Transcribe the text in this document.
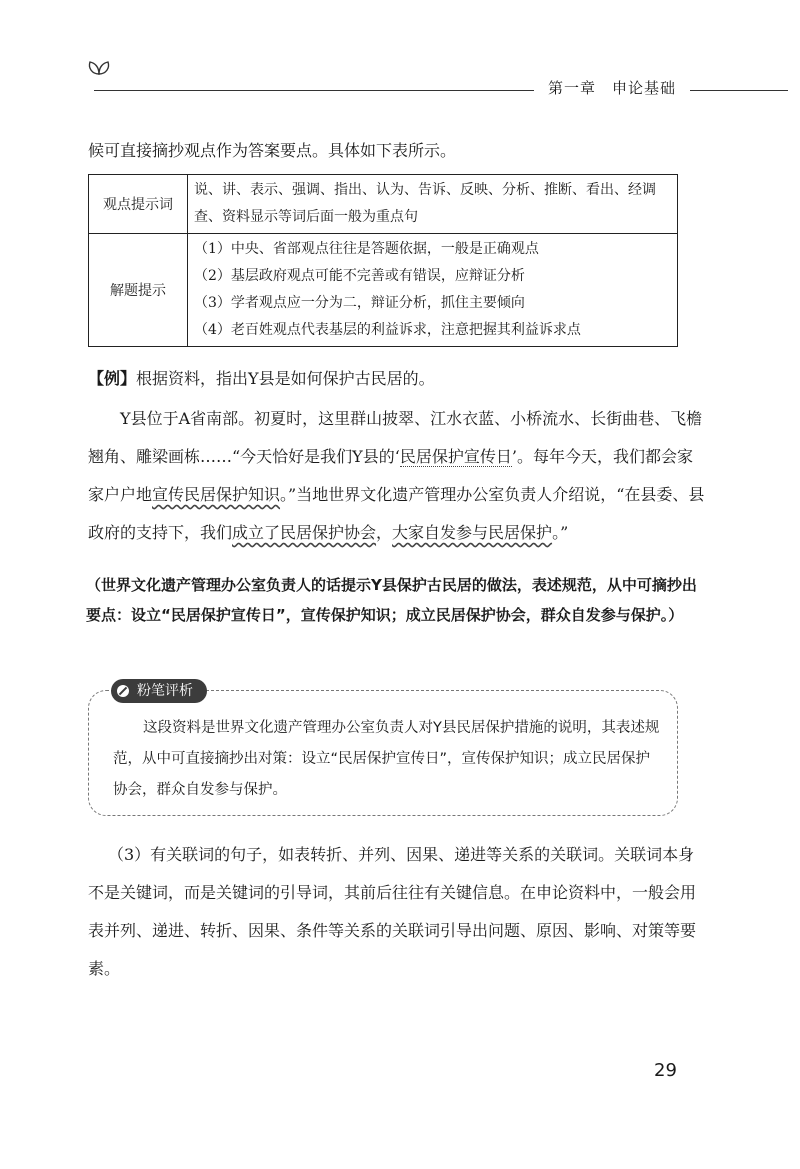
第一章 申论基础
候可直接摘抄观点作为答案要点。具体如下表所示。
观点提示词	说、讲、表示、强调、指出、认为、告诉、反映、分析、推断、看出、经调查、资料显示等词后面一般为重点句
解题提示	（1）中央、省部观点往往是答题依据，一般是正确观点
（2）基层政府观点可能不完善或有错误，应辩证分析
（3）学者观点应一分为二，辩证分析，抓住主要倾向
（4）老百姓观点代表基层的利益诉求，注意把握其利益诉求点
【例】根据资料，指出Y县是如何保护古民居的。
Y县位于A省南部。初夏时，这里群山披翠、江水衣蓝、小桥流水、长街曲巷、飞檐翘角、雕梁画栋……“今天恰好是我们Y县的‘民居保护宣传日’。每年今天，我们都会家家户户地宣传民居保护知识。”当地世界文化遗产管理办公室负责人介绍说，“在县委、县政府的支持下，我们成立了民居保护协会，大家自发参与民居保护。”
（世界文化遗产管理办公室负责人的话提示Y县保护古民居的做法，表述规范，从中可摘抄出要点：设立“民居保护宣传日”，宣传保护知识；成立民居保护协会，群众自发参与保护。）
粉笔评析
这段资料是世界文化遗产管理办公室负责人对Y县民居保护措施的说明，其表述规范，从中可直接摘抄出对策：设立“民居保护宣传日”，宣传保护知识；成立民居保护协会，群众自发参与保护。
（3）有关联词的句子，如表转折、并列、因果、递进等关系的关联词。关联词本身不是关键词，而是关键词的引导词，其前后往往有关键信息。在申论资料中，一般会用表并列、递进、转折、因果、条件等关系的关联词引导出问题、原因、影响、对策等要素。
29
